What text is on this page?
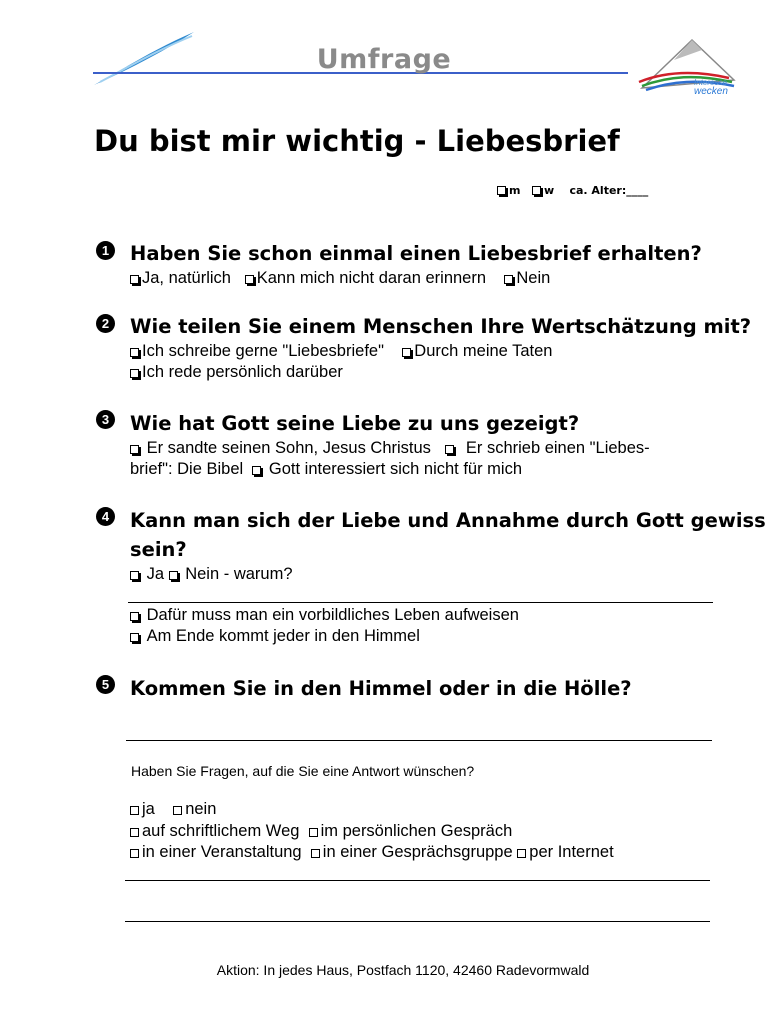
Umfrage
Interesse
wecken
Du bist mir wichtig - Liebesbrief
m w ca. Alter:____
1	Haben Sie schon einmal einen Liebesbrief erhalten?
Ja, natürlich Kann mich nicht daran erinnern Nein
2	Wie teilen Sie einem Menschen Ihre Wertschätzung mit?
Ich schreibe gerne "Liebesbriefe" Durch meine Taten
Ich rede persönlich darüber
3	Wie hat Gott seine Liebe zu uns gezeigt?
Er sandte seinen Sohn, Jesus Christus Er schrieb einen "Liebes-
brief": Die Bibel Gott interessiert sich nicht für mich
4	Kann man sich der Liebe und Annahme durch Gott gewiss
sein?
Ja Nein - warum?
Dafür muss man ein vorbildliches Leben aufweisen
Am Ende kommt jeder in den Himmel
5	Kommen Sie in den Himmel oder in die Hölle?
Haben Sie Fragen, auf die Sie eine Antwort wünschen?
ja nein
auf schriftlichem Weg im persönlichen Gespräch
in einer Veranstaltung in einer Gesprächsgruppe per Internet
Aktion: In jedes Haus, Postfach 1120, 42460 Radevormwald
